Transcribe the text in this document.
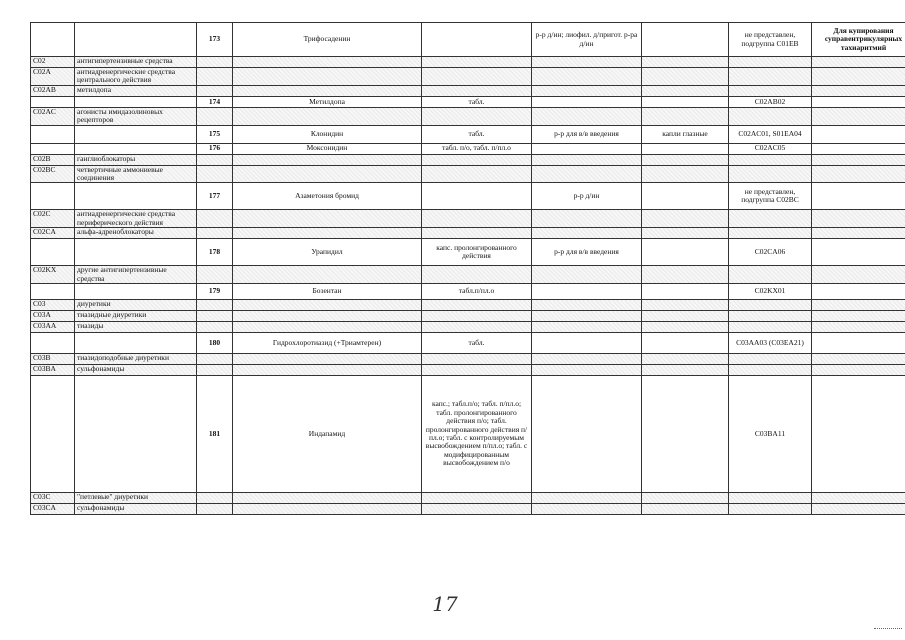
		173	Трифосаденин		р-р д/ин; лиофил. д/пригот. р-ра д/ин		не представлен, подгруппа C01EB	Для купирования суправентрикулярных тахиаритмий
C02	антигипертензивные средства							
C02A	антиадренергические средства центрального действия							
C02AB	метилдопа							
		174	Метилдопа	табл.			C02AB02	
C02AC	агонисты имидазолиновых рецепторов							
		175	Клонидин	табл.	р-р для в/в введения	капли глазные	C02AC01, S01EA04	
		176	Моксонидин	табл. п/о, табл. п/пл.о			C02AC05	
C02B	ганглиоблокаторы							
C02BC	четвертичные аммониевые соединения							
		177	Азаметония бромид		р-р д/ин		не представлен, подгруппа C02BC	
C02C	антиадренергические средства периферического действия							
C02CA	альфа-адреноблокаторы							
		178	Урапидил	капс. пролонгированного действия	р-р для в/в введения		C02CA06	
C02KX	другие антигипертензивные средства							
		179	Бозентан	табл.п/пл.о			C02KX01	
C03	диуретики							
C03A	тиазидные диуретики							
C03AA	тиазиды							
		180	Гидрохлоротиазид (+Триамтерен)	табл.			C03AA03 (C03EA21)	
C03B	тиазидоподобные диуретики							
C03BA	сульфонамиды							
		181	Индапамид	капс.; табл.п/о; табл. п/пл.о; табл. пролонгированного действия п/о; табл. пролонгированного действия п/пл.о; табл. с контролируемым высвобождением п/пл.о; табл. с модифицированным высвобождением п/о			C03BA11	
C03C	"петлевые" диуретики							
C03CA	сульфонамиды							
17
